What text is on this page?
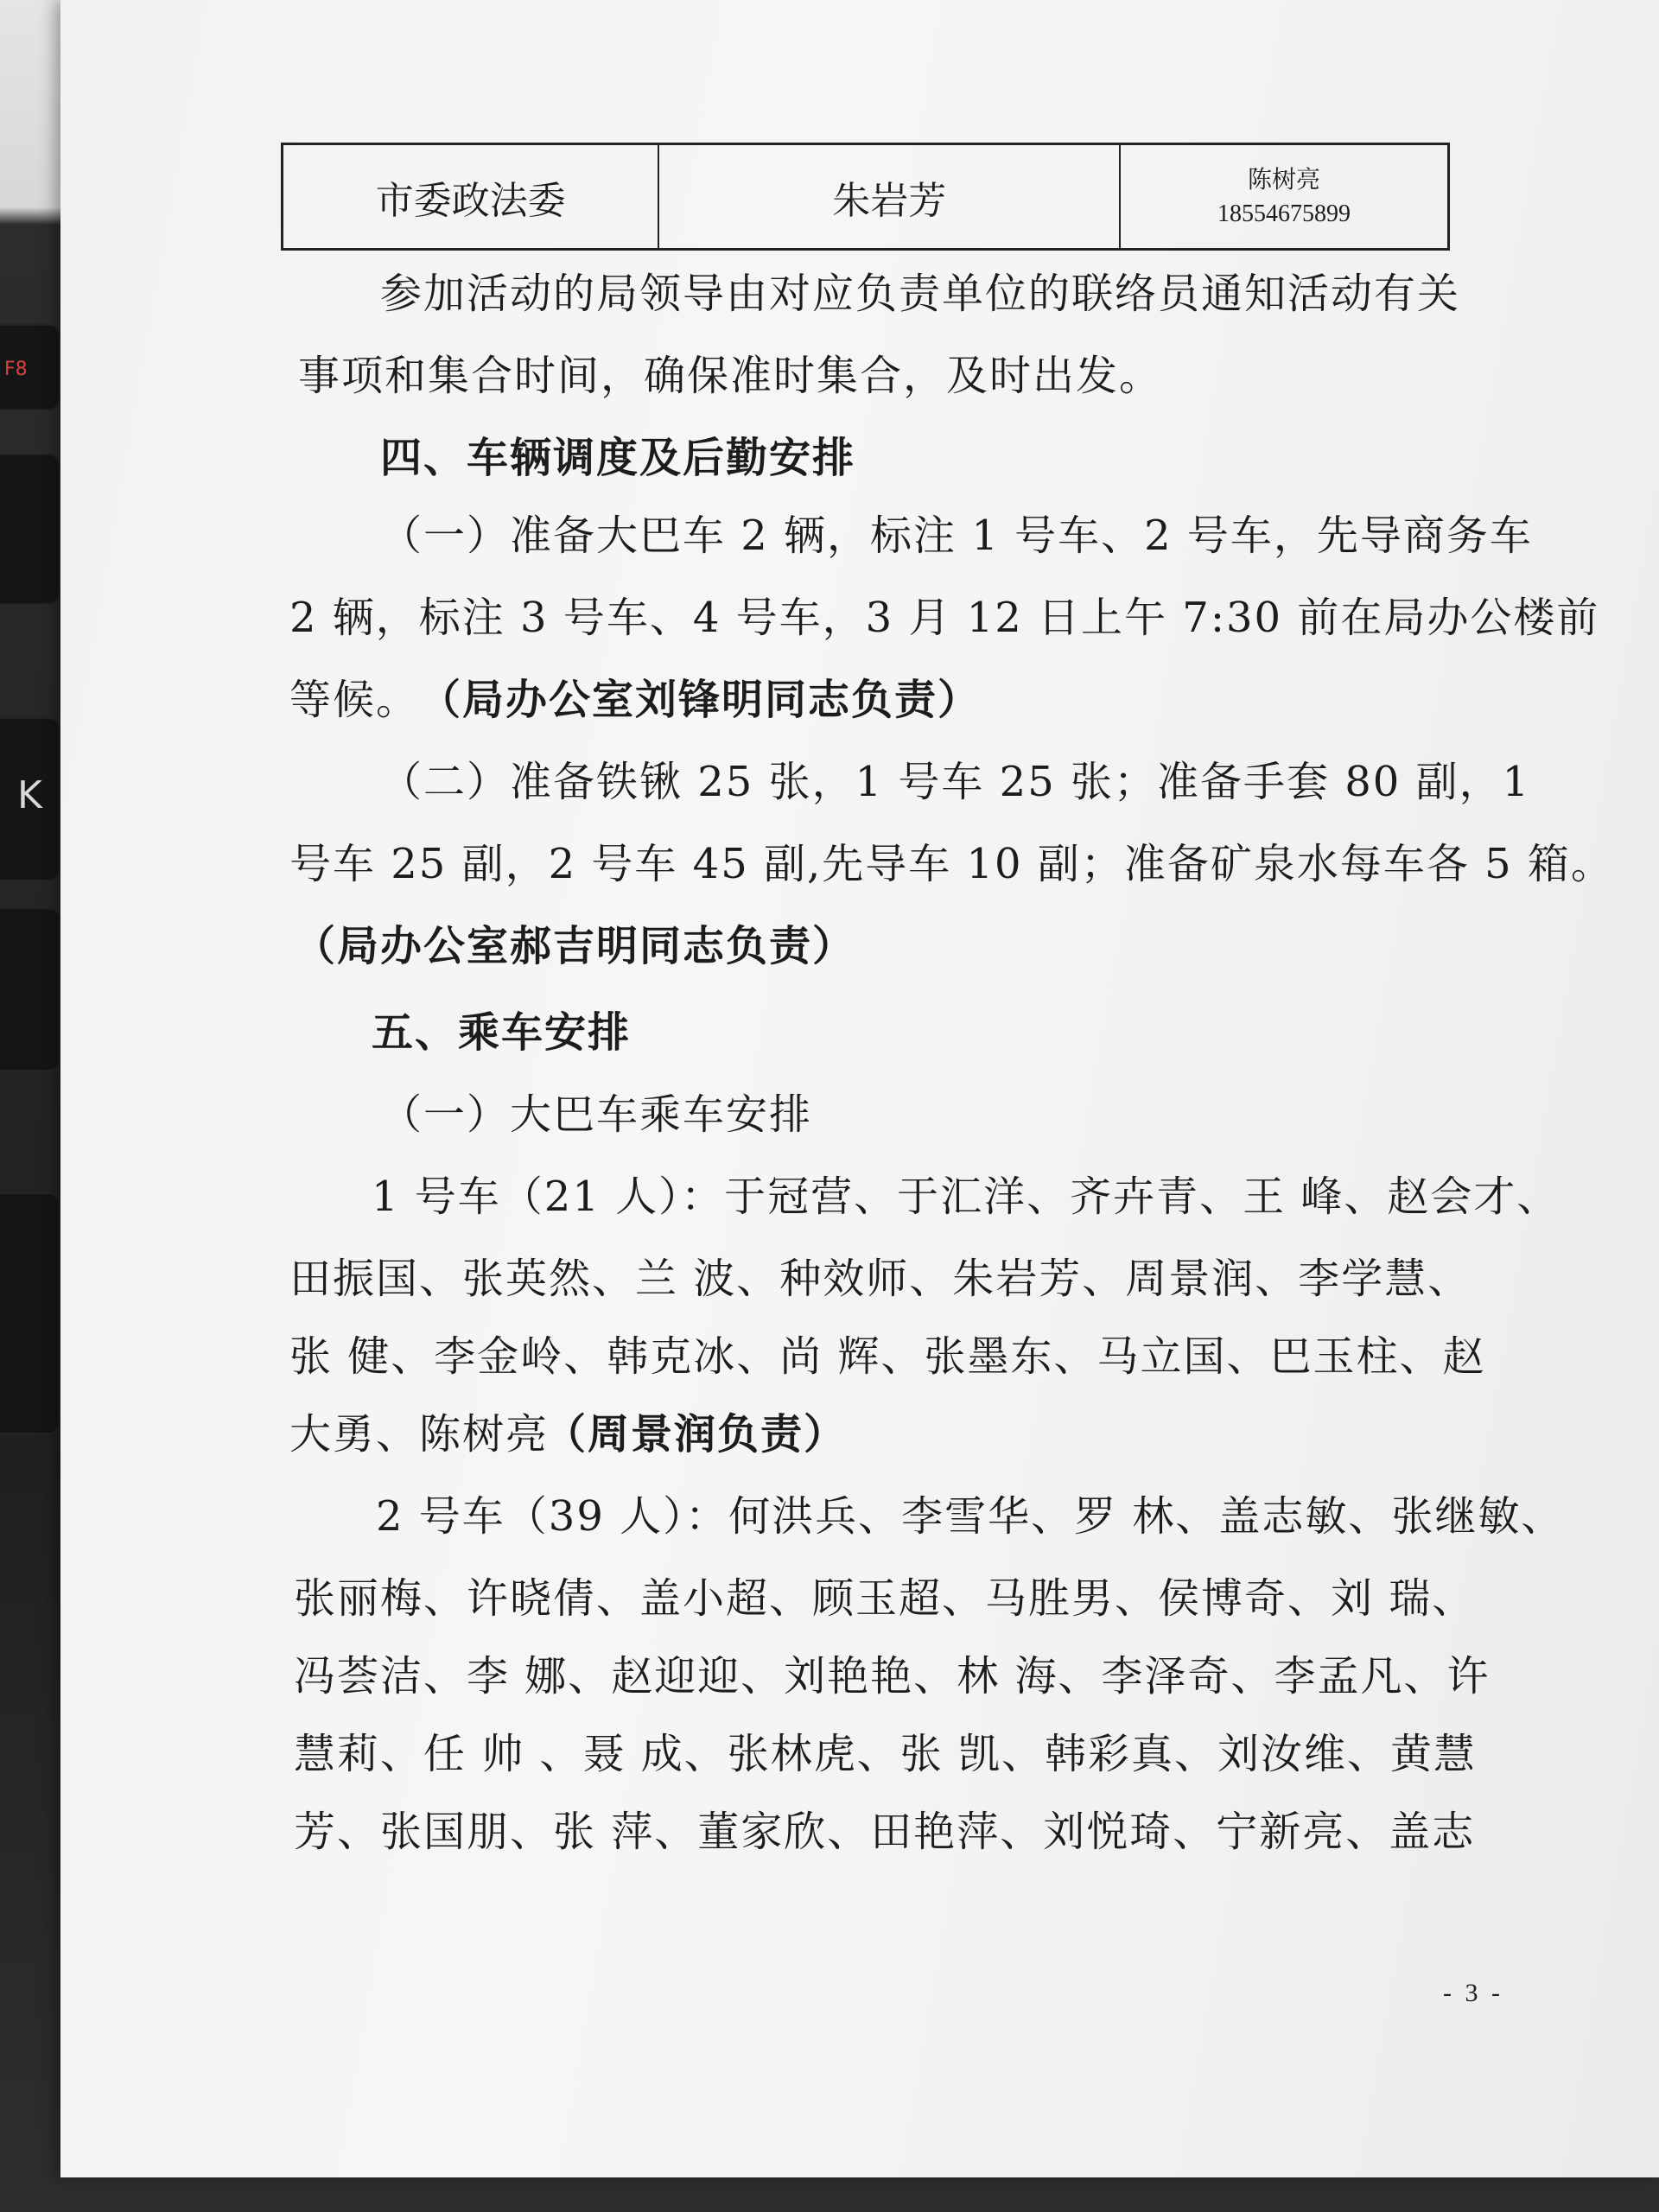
F8
K
市委政法委	朱岩芳	陈树亮
18554675899
参加活动的局领导由对应负责单位的联络员通知活动有关
事项和集合时间，确保准时集合，及时出发。
四、车辆调度及后勤安排
（一）准备大巴车 2 辆，标注 1 号车、2 号车，先导商务车
2 辆，标注 3 号车、4 号车，3 月 12 日上午 7:30 前在局办公楼前
等候。 （局办公室刘锋明同志负责）
（二）准备铁锹 25 张，1 号车 25 张；准备手套 80 副，1
号车 25 副，2 号车 45 副,先导车 10 副；准备矿泉水每车各 5 箱。
（局办公室郝吉明同志负责）
五、乘车安排
（一）大巴车乘车安排
1 号车（21 人）：于冠营、于汇洋、齐卉青、王 峰、赵会才、
田振国、张英然、兰 波、种效师、朱岩芳、周景润、李学慧、
张 健、李金岭、韩克冰、尚 辉、张墨东、马立国、巴玉柱、赵
大勇、陈树亮
（周景润负责）
2 号车（39 人）：何洪兵、李雪华、罗 林、盖志敏、张继敏、
张丽梅、许晓倩、盖小超、顾玉超、马胜男、侯博奇、刘 瑞、
冯荟洁、李 娜、赵迎迎、刘艳艳、林 海、李泽奇、李孟凡、许
慧莉、任 帅 、聂 成、张林虎、张 凯、韩彩真、刘汝维、黄慧
芳、张国朋、张 萍、董家欣、田艳萍、刘悦琦、宁新亮、盖志
- 3 -
